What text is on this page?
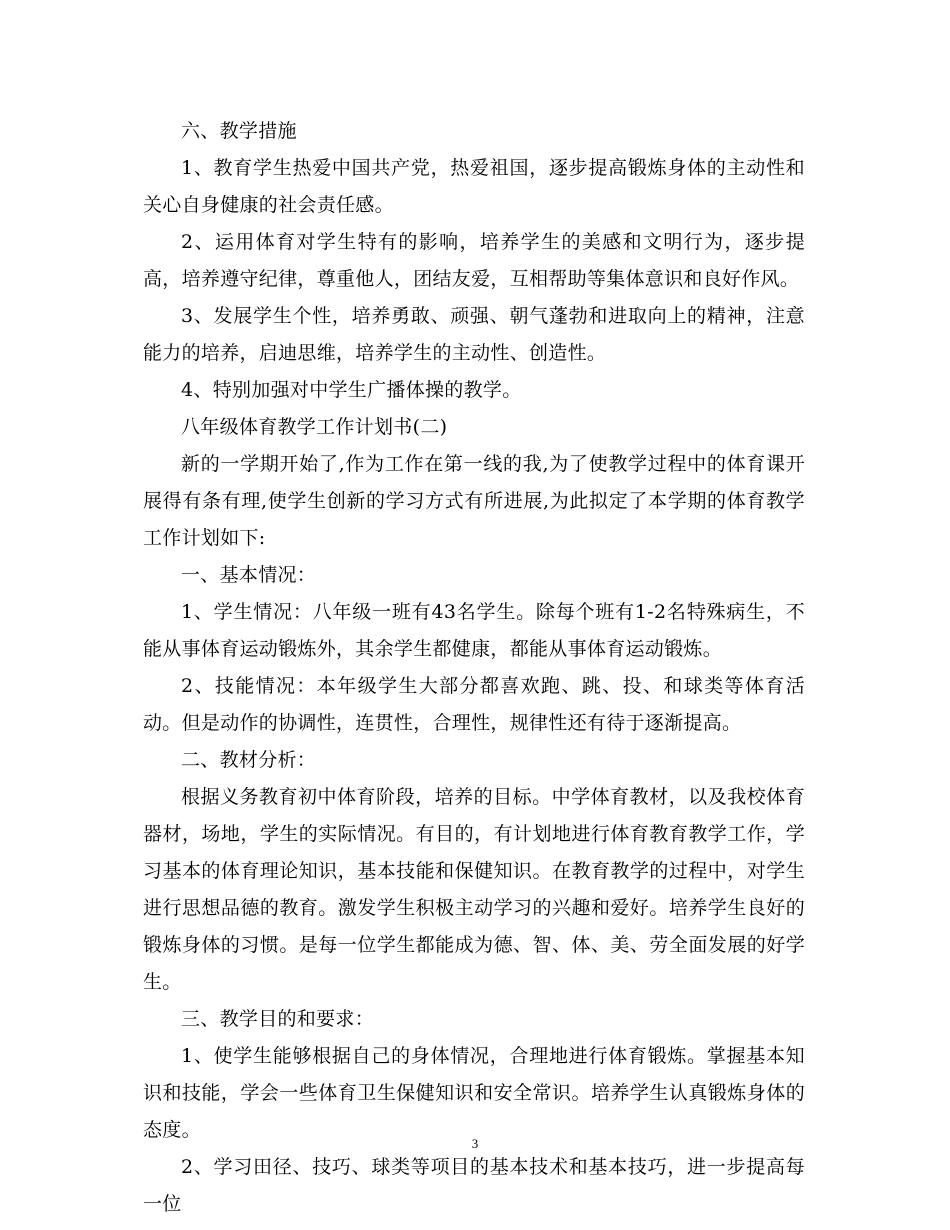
六、教学措施

1、教育学生热爱中国共产党，热爱祖国，逐步提高锻炼身体的主动性和关心自身健康的社会责任感。

2、运用体育对学生特有的影响，培养学生的美感和文明行为，逐步提高，培养遵守纪律，尊重他人，团结友爱，互相帮助等集体意识和良好作风。

3、发展学生个性，培养勇敢、顽强、朝气蓬勃和进取向上的精神，注意能力的培养，启迪思维，培养学生的主动性、创造性。

4、特别加强对中学生广播体操的教学。

八年级体育教学工作计划书(二)

新的一学期开始了,作为工作在第一线的我,为了使教学过程中的体育课开展得有条有理,使学生创新的学习方式有所进展,为此拟定了本学期的体育教学工作计划如下:

一、基本情况：

1、学生情况：八年级一班有43名学生。除每个班有1-2名特殊病生，不能从事体育运动锻炼外，其余学生都健康，都能从事体育运动锻炼。

2、技能情况：本年级学生大部分都喜欢跑、跳、投、和球类等体育活动。但是动作的协调性，连贯性，合理性，规律性还有待于逐渐提高。

二、教材分析：

根据义务教育初中体育阶段，培养的目标。中学体育教材，以及我校体育器材，场地，学生的实际情况。有目的，有计划地进行体育教育教学工作，学习基本的体育理论知识，基本技能和保健知识。在教育教学的过程中，对学生进行思想品德的教育。激发学生积极主动学习的兴趣和爱好。培养学生良好的锻炼身体的习惯。是每一位学生都能成为德、智、体、美、劳全面发展的好学生。

三、教学目的和要求：

1、使学生能够根据自己的身体情况，合理地进行体育锻炼。掌握基本知识和技能，学会一些体育卫生保健知识和安全常识。培养学生认真锻炼身体的态度。

2、学习田径、技巧、球类等项目的基本技术和基本技巧，进一步提高每一位

3
